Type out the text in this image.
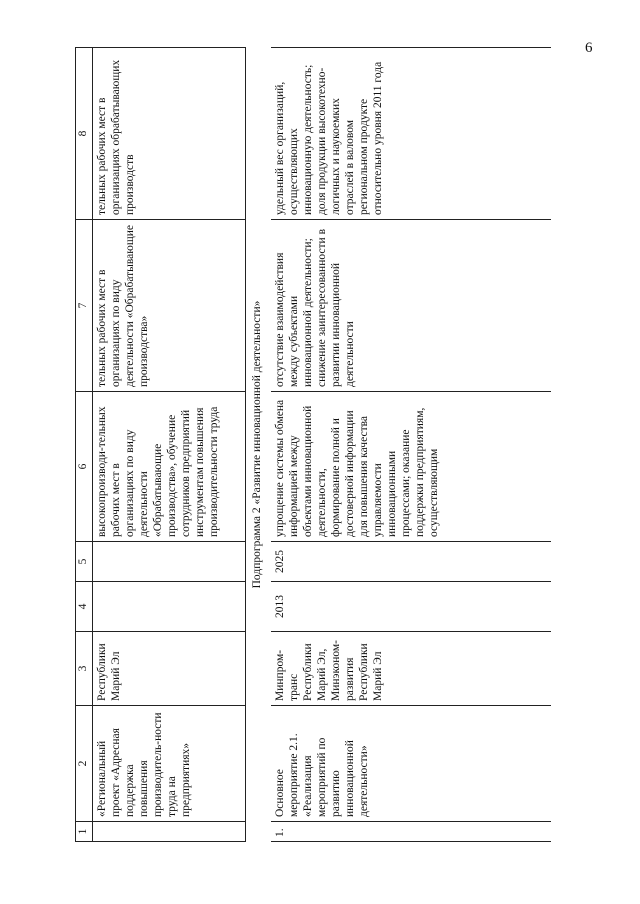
6
1	2	3	4	5	6	7	8
	«Региональный проект «Адресная поддержка повышения производитель-ности труда на предприятиях»	Республики Марий Эл			высокопроизводи-тельных рабочих мест в организациях по виду деятельности «Обрабатывающие производства», обучение сотрудников предприятий инструментам повышения производительности труда	тельных рабочих мест в организациях по виду деятельности «Обрабатывающие производства»	тельных рабочих мест в организациях обрабатывающих производств
Подпрограмма 2 «Развитие инновационной деятельности»							
1.	Основное мероприятие 2.1. «Реализация мероприятий по развитию инновационной деятельности»	Минпром-транс Республики Марий Эл, Минэконом-развития Республики Марий Эл	2013	2025	упрощение системы обмена информацией между объектами инновационной деятельности, формирование полной и достоверной информации для повышения качества управляемости инновационными процессами; оказание поддержки предприятиям, осуществляющим	отсутствие взаимодействия между субъектами инновационной деятельности; снижение заинтересованности в развитии инновационной деятельности	удельный вес организаций, осуществляющих инновационную деятельность; доля продукции высокотехно-логичных и наукоемких отраслей в валовом региональном продукте относительно уровня 2011 года
